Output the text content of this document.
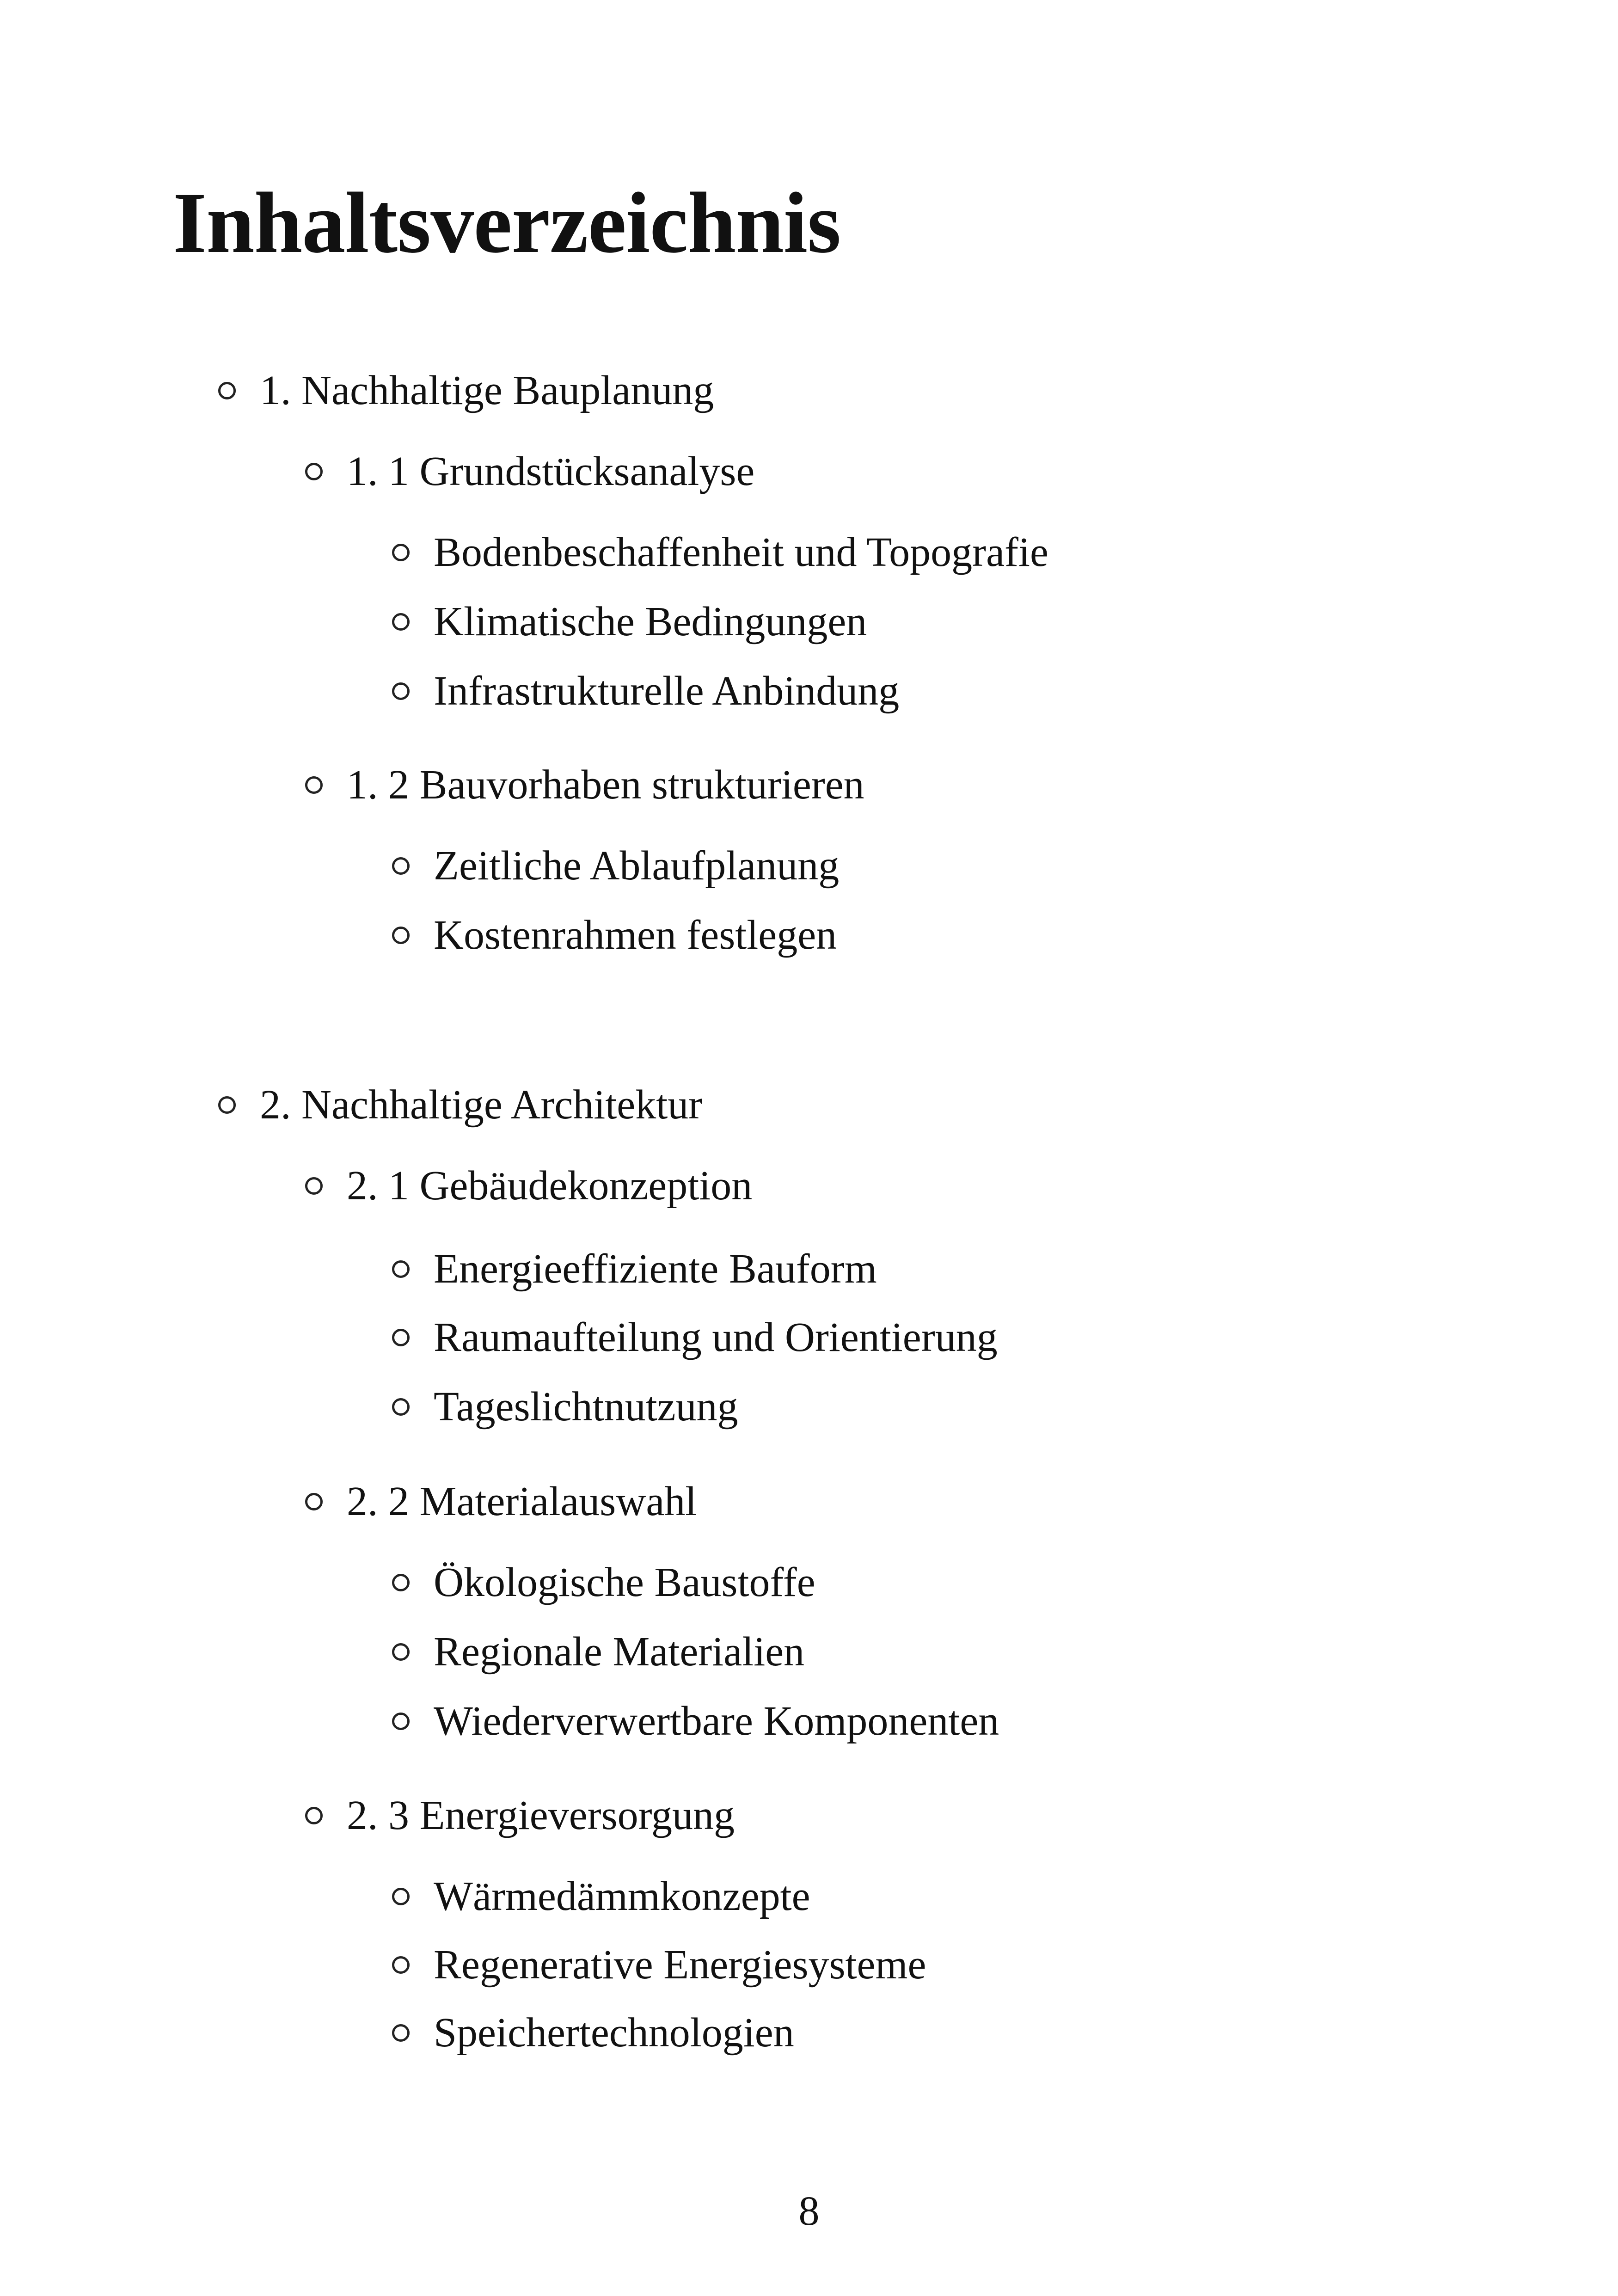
Inhaltsverzeichnis
1. Nachhaltige Bauplanung
1. 1 Grundstücksanalyse
Bodenbeschaffenheit und Topografie
Klimatische Bedingungen
Infrastrukturelle Anbindung
1. 2 Bauvorhaben strukturieren
Zeitliche Ablaufplanung
Kostenrahmen festlegen
2. Nachhaltige Architektur
2. 1 Gebäudekonzeption
Energieeffiziente Bauform
Raumaufteilung und Orientierung
Tageslichtnutzung
2. 2 Materialauswahl
Ökologische Baustoffe
Regionale Materialien
Wiederverwertbare Komponenten
2. 3 Energieversorgung
Wärmedämmkonzepte
Regenerative Energiesysteme
Speichertechnologien
8
